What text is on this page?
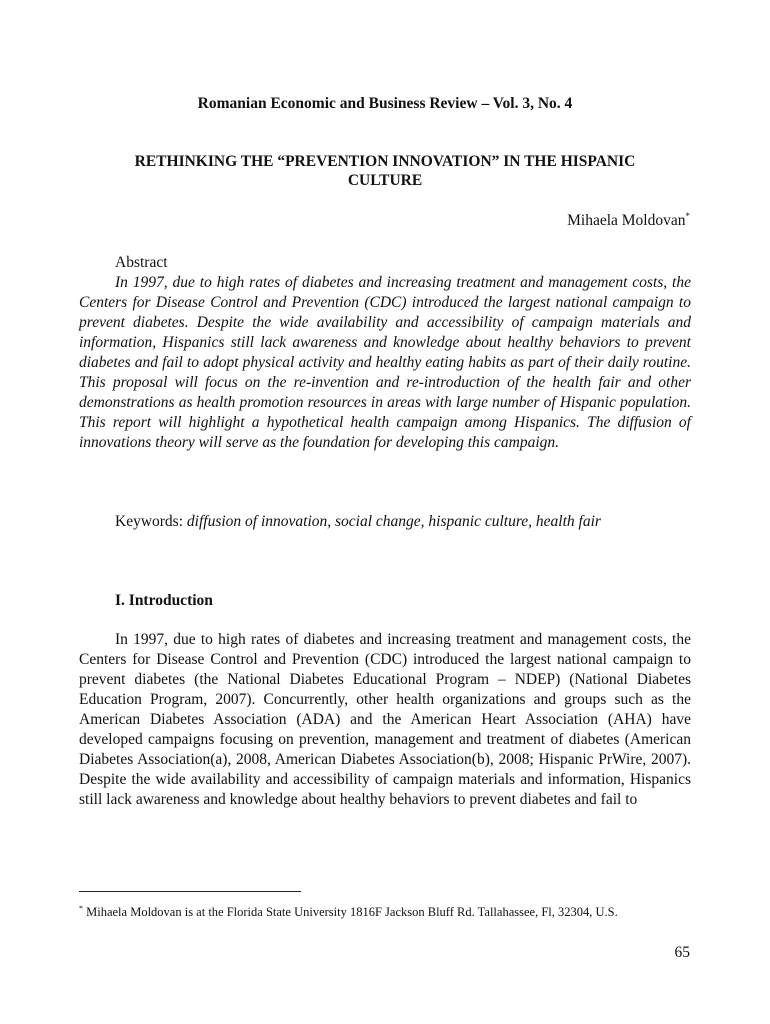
Romanian Economic and Business Review – Vol. 3, No. 4
RETHINKING THE “PREVENTION INNOVATION” IN THE HISPANIC CULTURE
Mihaela Moldovan*
Abstract
In 1997, due to high rates of diabetes and increasing treatment and management costs, the Centers for Disease Control and Prevention (CDC) introduced the largest national campaign to prevent diabetes. Despite the wide availability and accessibility of campaign materials and information, Hispanics still lack awareness and knowledge about healthy behaviors to prevent diabetes and fail to adopt physical activity and healthy eating habits as part of their daily routine. This proposal will focus on the re-invention and re-introduction of the health fair and other demonstrations as health promotion resources in areas with large number of Hispanic population. This report will highlight a hypothetical health campaign among Hispanics. The diffusion of innovations theory will serve as the foundation for developing this campaign.
Keywords: diffusion of innovation, social change, hispanic culture, health fair
I. Introduction
In 1997, due to high rates of diabetes and increasing treatment and management costs, the Centers for Disease Control and Prevention (CDC) introduced the largest national campaign to prevent diabetes (the National Diabetes Educational Program – NDEP) (National Diabetes Education Program, 2007). Concurrently, other health organizations and groups such as the American Diabetes Association (ADA) and the American Heart Association (AHA) have developed campaigns focusing on prevention, management and treatment of diabetes (American Diabetes Association(a), 2008, American Diabetes Association(b), 2008; Hispanic PrWire, 2007). Despite the wide availability and accessibility of campaign materials and information, Hispanics still lack awareness and knowledge about healthy behaviors to prevent diabetes and fail to
* Mihaela Moldovan is at the Florida State University 1816F Jackson Bluff Rd. Tallahassee, Fl, 32304, U.S.
65
